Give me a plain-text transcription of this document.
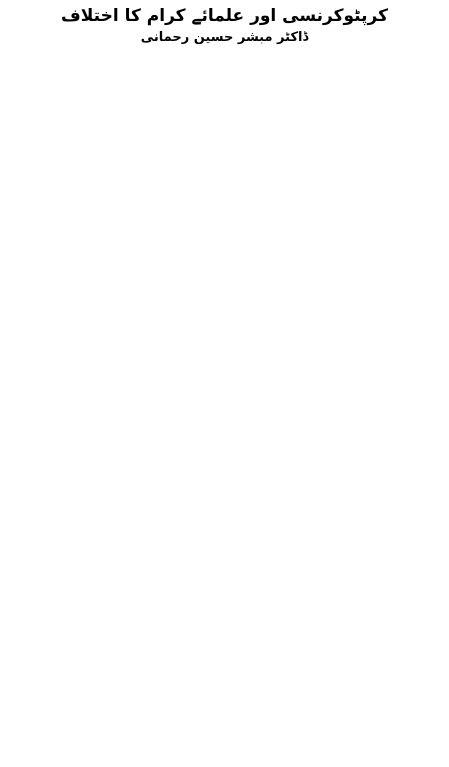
کرپٹوکرنسی اور علمائے کرام کا اختلاف
ڈاکٹر مبشر حسین رحمانی
